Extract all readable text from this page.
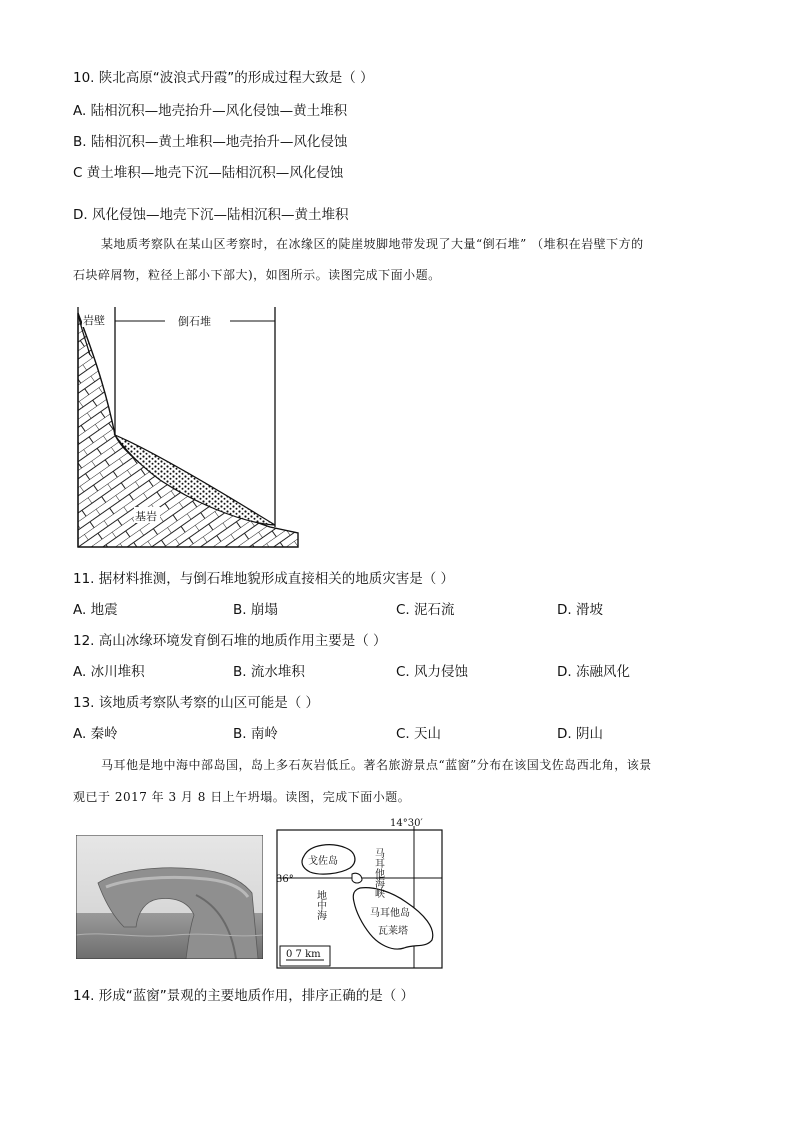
10. 陕北高原“波浪式丹霞”的形成过程大致是（ ）
A. 陆相沉积—地壳抬升—风化侵蚀—黄土堆积
B. 陆相沉积—黄土堆积—地壳抬升—风化侵蚀
C 黄土堆积—地壳下沉—陆相沉积—风化侵蚀
D. 风化侵蚀—地壳下沉—陆相沉积—黄土堆积
某地质考察队在某山区考察时，在冰缘区的陡崖坡脚地带发现了大量“倒石堆” （堆积在岩壁下方的
石块碎屑物，粒径上部小下部大)，如图所示。读图完成下面小题。
岩壁	倒石堆
基岩
11. 据材料推测，与倒石堆地貌形成直接相关的地质灾害是（ ）
A. 地震	B. 崩塌	C. 泥石流	D. 滑坡
12. 高山冰缘环境发育倒石堆的地质作用主要是（ ）
A. 冰川堆积	B. 流水堆积	C. 风力侵蚀	D. 冻融风化
13. 该地质考察队考察的山区可能是（ ）
A. 秦岭	B. 南岭	C. 天山	D. 阴山
马耳他是地中海中部岛国，岛上多石灰岩低丘。著名旅游景点“蓝窗”分布在该国戈佐岛西北角，该景
观已于 2017 年 3 月 8 日上午坍塌。读图，完成下面小题。
14°30′
36°
戈佐岛	马耳他海峡
地中海	马耳他岛
瓦莱塔
0 7 km
14. 形成“蓝窗”景观的主要地质作用，排序正确的是（ ）
